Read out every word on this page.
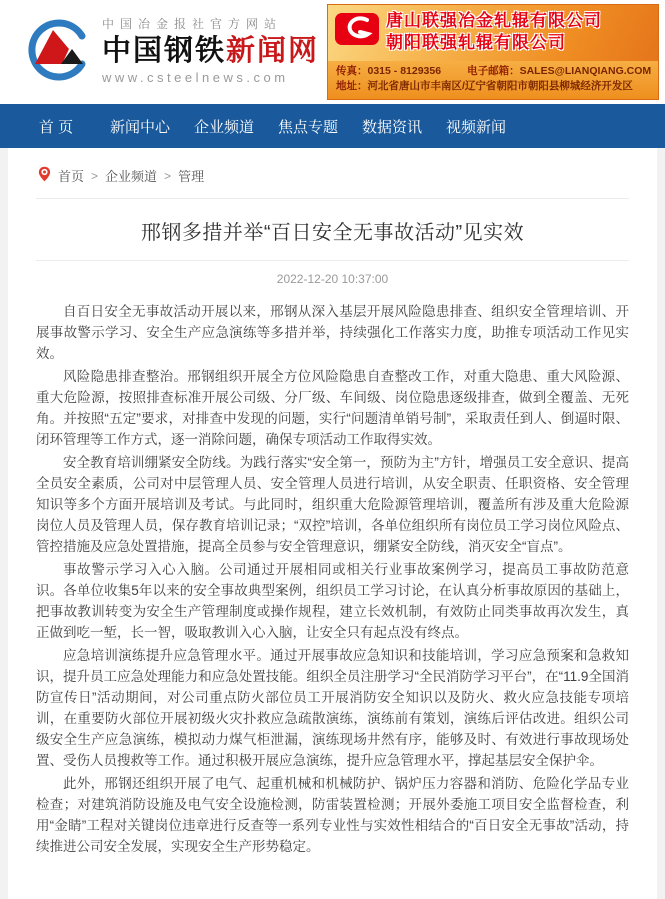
中国冶金报社官方网站
中国钢铁新闻网
www.csteelnews.com
唐山联强冶金轧辊有限公司
朝阳联强轧辊有限公司
传真：0315 - 8129356 电子邮箱：SALES@LIANQIANG.COM
地址：河北省唐山市丰南区/辽宁省朝阳市朝阳县柳城经济开发区
首 页	新闻中心	企业频道	焦点专题	数据资讯	视频新闻
首页 > 企业频道 > 管理
邢钢多措并举“百日安全无事故活动”见实效
2022-12-20 10:37:00

自百日安全无事故活动开展以来，邢钢从深入基层开展风险隐患排查、组织安全管理培训、开展事故警示学习、安全生产应急演练等多措并举，持续强化工作落实力度，助推专项活动工作见实效。

风险隐患排查整治。邢钢组织开展全方位风险隐患自查整改工作，对重大隐患、重大风险源、重大危险源，按照排查标准开展公司级、分厂级、车间级、岗位隐患逐级排查，做到全覆盖、无死角。并按照“五定”要求，对排查中发现的问题，实行“问题清单销号制”，采取责任到人、倒逼时限、闭环管理等工作方式，逐一消除问题，确保专项活动工作取得实效。

安全教育培训绷紧安全防线。为践行落实“安全第一，预防为主”方针，增强员工安全意识、提高全员安全素质，公司对中层管理人员、安全管理人员进行培训，从安全职责、任职资格、安全管理知识等多个方面开展培训及考试。与此同时，组织重大危险源管理培训，覆盖所有涉及重大危险源岗位人员及管理人员，保存教育培训记录；“双控”培训，各单位组织所有岗位员工学习岗位风险点、管控措施及应急处置措施，提高全员参与安全管理意识，绷紧安全防线，消灭安全“盲点”。

事故警示学习入心入脑。公司通过开展相同或相关行业事故案例学习，提高员工事故防范意识。各单位收集5年以来的安全事故典型案例，组织员工学习讨论，在认真分析事故原因的基础上，把事故教训转变为安全生产管理制度或操作规程，建立长效机制，有效防止同类事故再次发生，真正做到吃一堑，长一智，吸取教训入心入脑，让安全只有起点没有终点。

应急培训演练提升应急管理水平。通过开展事故应急知识和技能培训，学习应急预案和急救知识，提升员工应急处理能力和应急处置技能。组织全员注册学习“全民消防学习平台”，在“11.9全国消防宣传日”活动期间，对公司重点防火部位员工开展消防安全知识以及防火、救火应急技能专项培训，在重要防火部位开展初级火灾扑救应急疏散演练，演练前有策划，演练后评估改进。组织公司级安全生产应急演练，模拟动力煤气柜泄漏，演练现场井然有序，能够及时、有效进行事故现场处置、受伤人员搜救等工作。通过积极开展应急演练，提升应急管理水平，撑起基层安全保护伞。

此外，邢钢还组织开展了电气、起重机械和机械防护、锅炉压力容器和消防、危险化学品专业检查；对建筑消防设施及电气安全设施检测，防雷装置检测；开展外委施工项目安全监督检查，利用“金睛”工程对关键岗位违章进行反查等一系列专业性与实效性相结合的“百日安全无事故”活动，持续推进公司安全发展，实现安全生产形势稳定。
